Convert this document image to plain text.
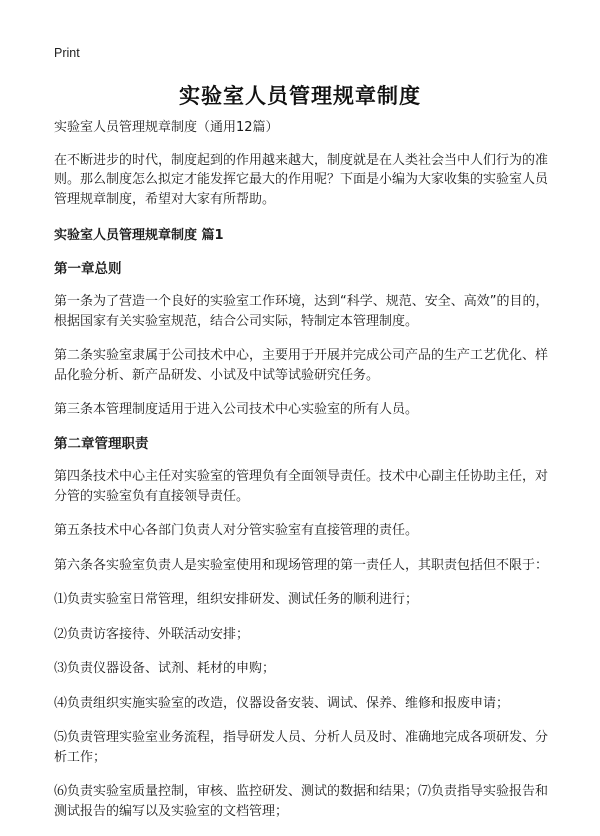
Print
实验室人员管理规章制度

实验室人员管理规章制度（通用12篇）

在不断进步的时代，制度起到的作用越来越大，制度就是在人类社会当中人们行为的准则。那么制度怎么拟定才能发挥它最大的作用呢？下面是小编为大家收集的实验室人员管理规章制度，希望对大家有所帮助。

实验室人员管理规章制度 篇1

第一章总则

第一条为了营造一个良好的实验室工作环境，达到“科学、规范、安全、高效”的目的，根据国家有关实验室规范，结合公司实际，特制定本管理制度。

第二条实验室隶属于公司技术中心，主要用于开展并完成公司产品的生产工艺优化、样品化验分析、新产品研发、小试及中试等试验研究任务。

第三条本管理制度适用于进入公司技术中心实验室的所有人员。

第二章管理职责

第四条技术中心主任对实验室的管理负有全面领导责任。技术中心副主任协助主任，对分管的实验室负有直接领导责任。

第五条技术中心各部门负责人对分管实验室有直接管理的责任。

第六条各实验室负责人是实验室使用和现场管理的第一责任人，其职责包括但不限于：

⑴负责实验室日常管理，组织安排研发、测试任务的顺利进行；

⑵负责访客接待、外联活动安排；

⑶负责仪器设备、试剂、耗材的申购；

⑷负责组织实施实验室的改造，仪器设备安装、调试、保养、维修和报废申请；

⑸负责管理实验室业务流程，指导研发人员、分析人员及时、准确地完成各项研发、分析工作；

⑹负责实验室质量控制，审核、监控研发、测试的数据和结果；⑺负责指导实验报告和测试报告的编写以及实验室的文档管理；
